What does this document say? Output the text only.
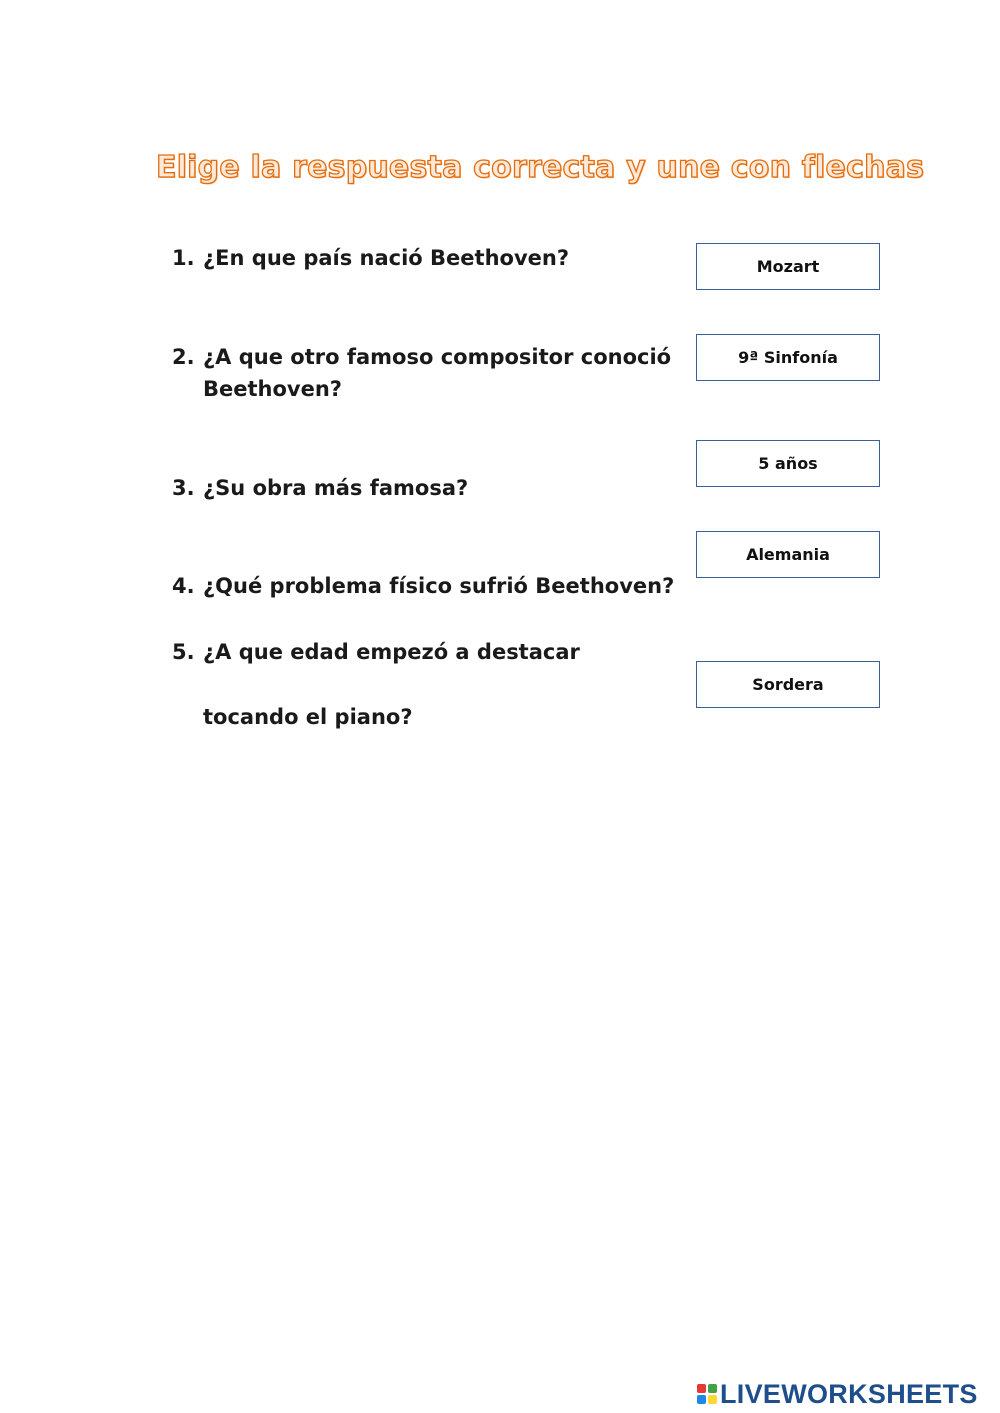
Elige la respuesta correcta y une con flechas
1. ¿En que país nació Beethoven?
2. ¿A que otro famoso compositor conoció
Beethoven?
3. ¿Su obra más famosa?
4. ¿Qué problema físico sufrió Beethoven?
5. ¿A que edad empezó a destacar
tocando el piano?
Mozart
9ª Sinfonía
5 años
Alemania
Sordera
LIVEWORKSHEETS
